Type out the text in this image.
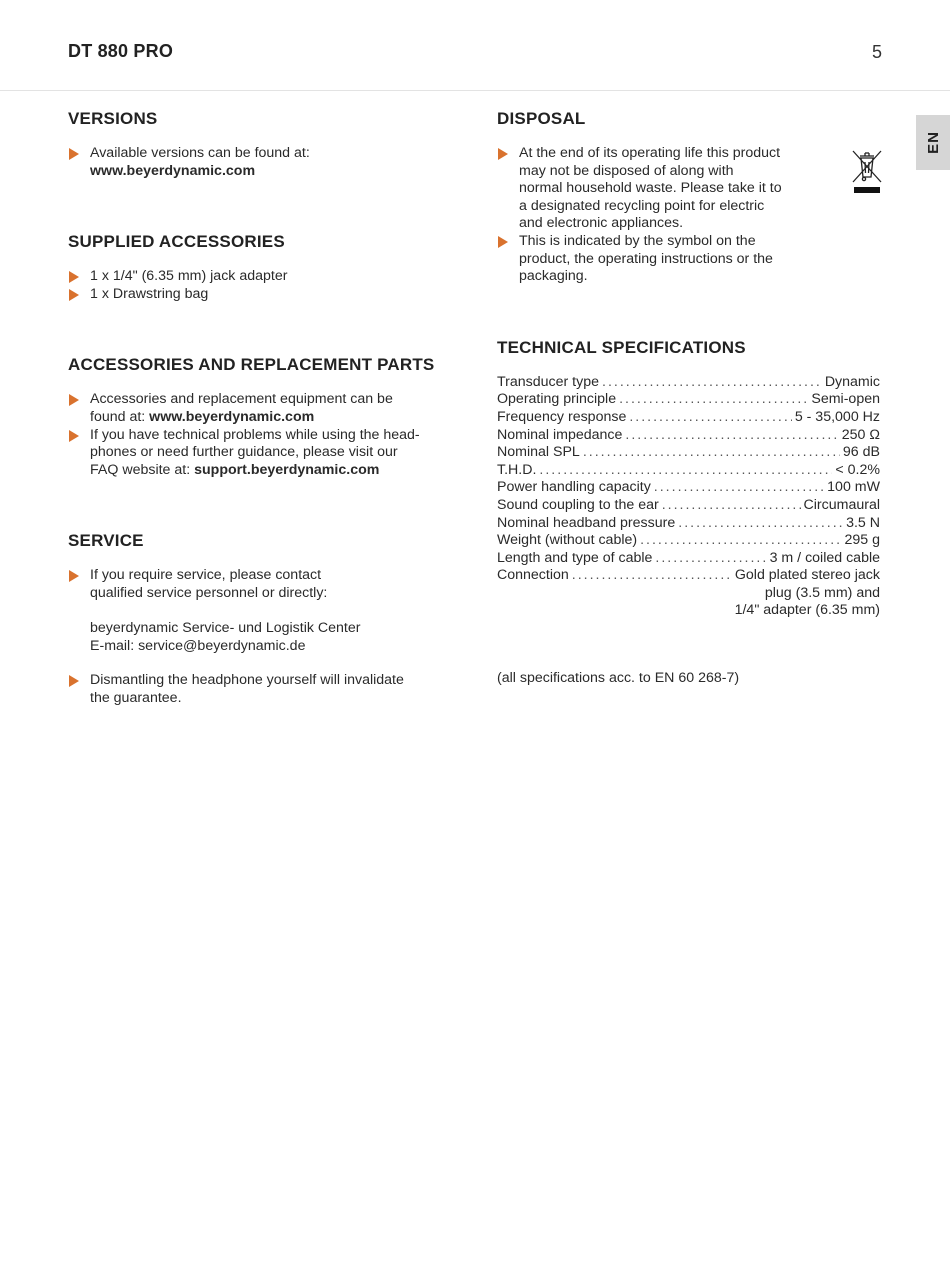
DT 880 PRO	5
EN
VERSIONS
Available versions can be found at:
www.beyerdynamic.com
SUPPLIED ACCESSORIES
1 x 1/4" (6.35 mm) jack adapter
1 x Drawstring bag
ACCESSORIES AND REPLACEMENT PARTS
Accessories and replacement equipment can be
found at: www.beyerdynamic.com
If you have technical problems while using the head-
phones or need further guidance, please visit our
FAQ website at: support.beyerdynamic.com
SERVICE
If you require service, please contact
qualified service personnel or directly:
beyerdynamic Service- und Logistik Center
E-mail: service@beyerdynamic.de
Dismantling the headphone yourself will invalidate
the guarantee.
DISPOSAL
At the end of its operating life this product
may not be disposed of along with
normal household waste. Please take it to
a designated recycling point for electric
and electronic appliances.
This is indicated by the symbol on the
product, the operating instructions or the
packaging.
TECHNICAL SPECIFICATIONS
Transducer type .....	Dynamic
Operating principle .....	Semi-open
Frequency response .....	5 - 35,000 Hz
Nominal impedance .....	250 Ω
Nominal SPL .....	96 dB
T.H.D. .....	< 0.2%
Power handling capacity .....	100 mW
Sound coupling to the ear .....	Circumaural
Nominal headband pressure .....	3.5 N
Weight (without cable) .....	295 g
Length and type of cable .....	3 m / coiled cable
Connection .....	Gold plated stereo jack
plug (3.5 mm) and
1/4" adapter (6.35 mm)
(all specifications acc. to EN 60 268-7)
